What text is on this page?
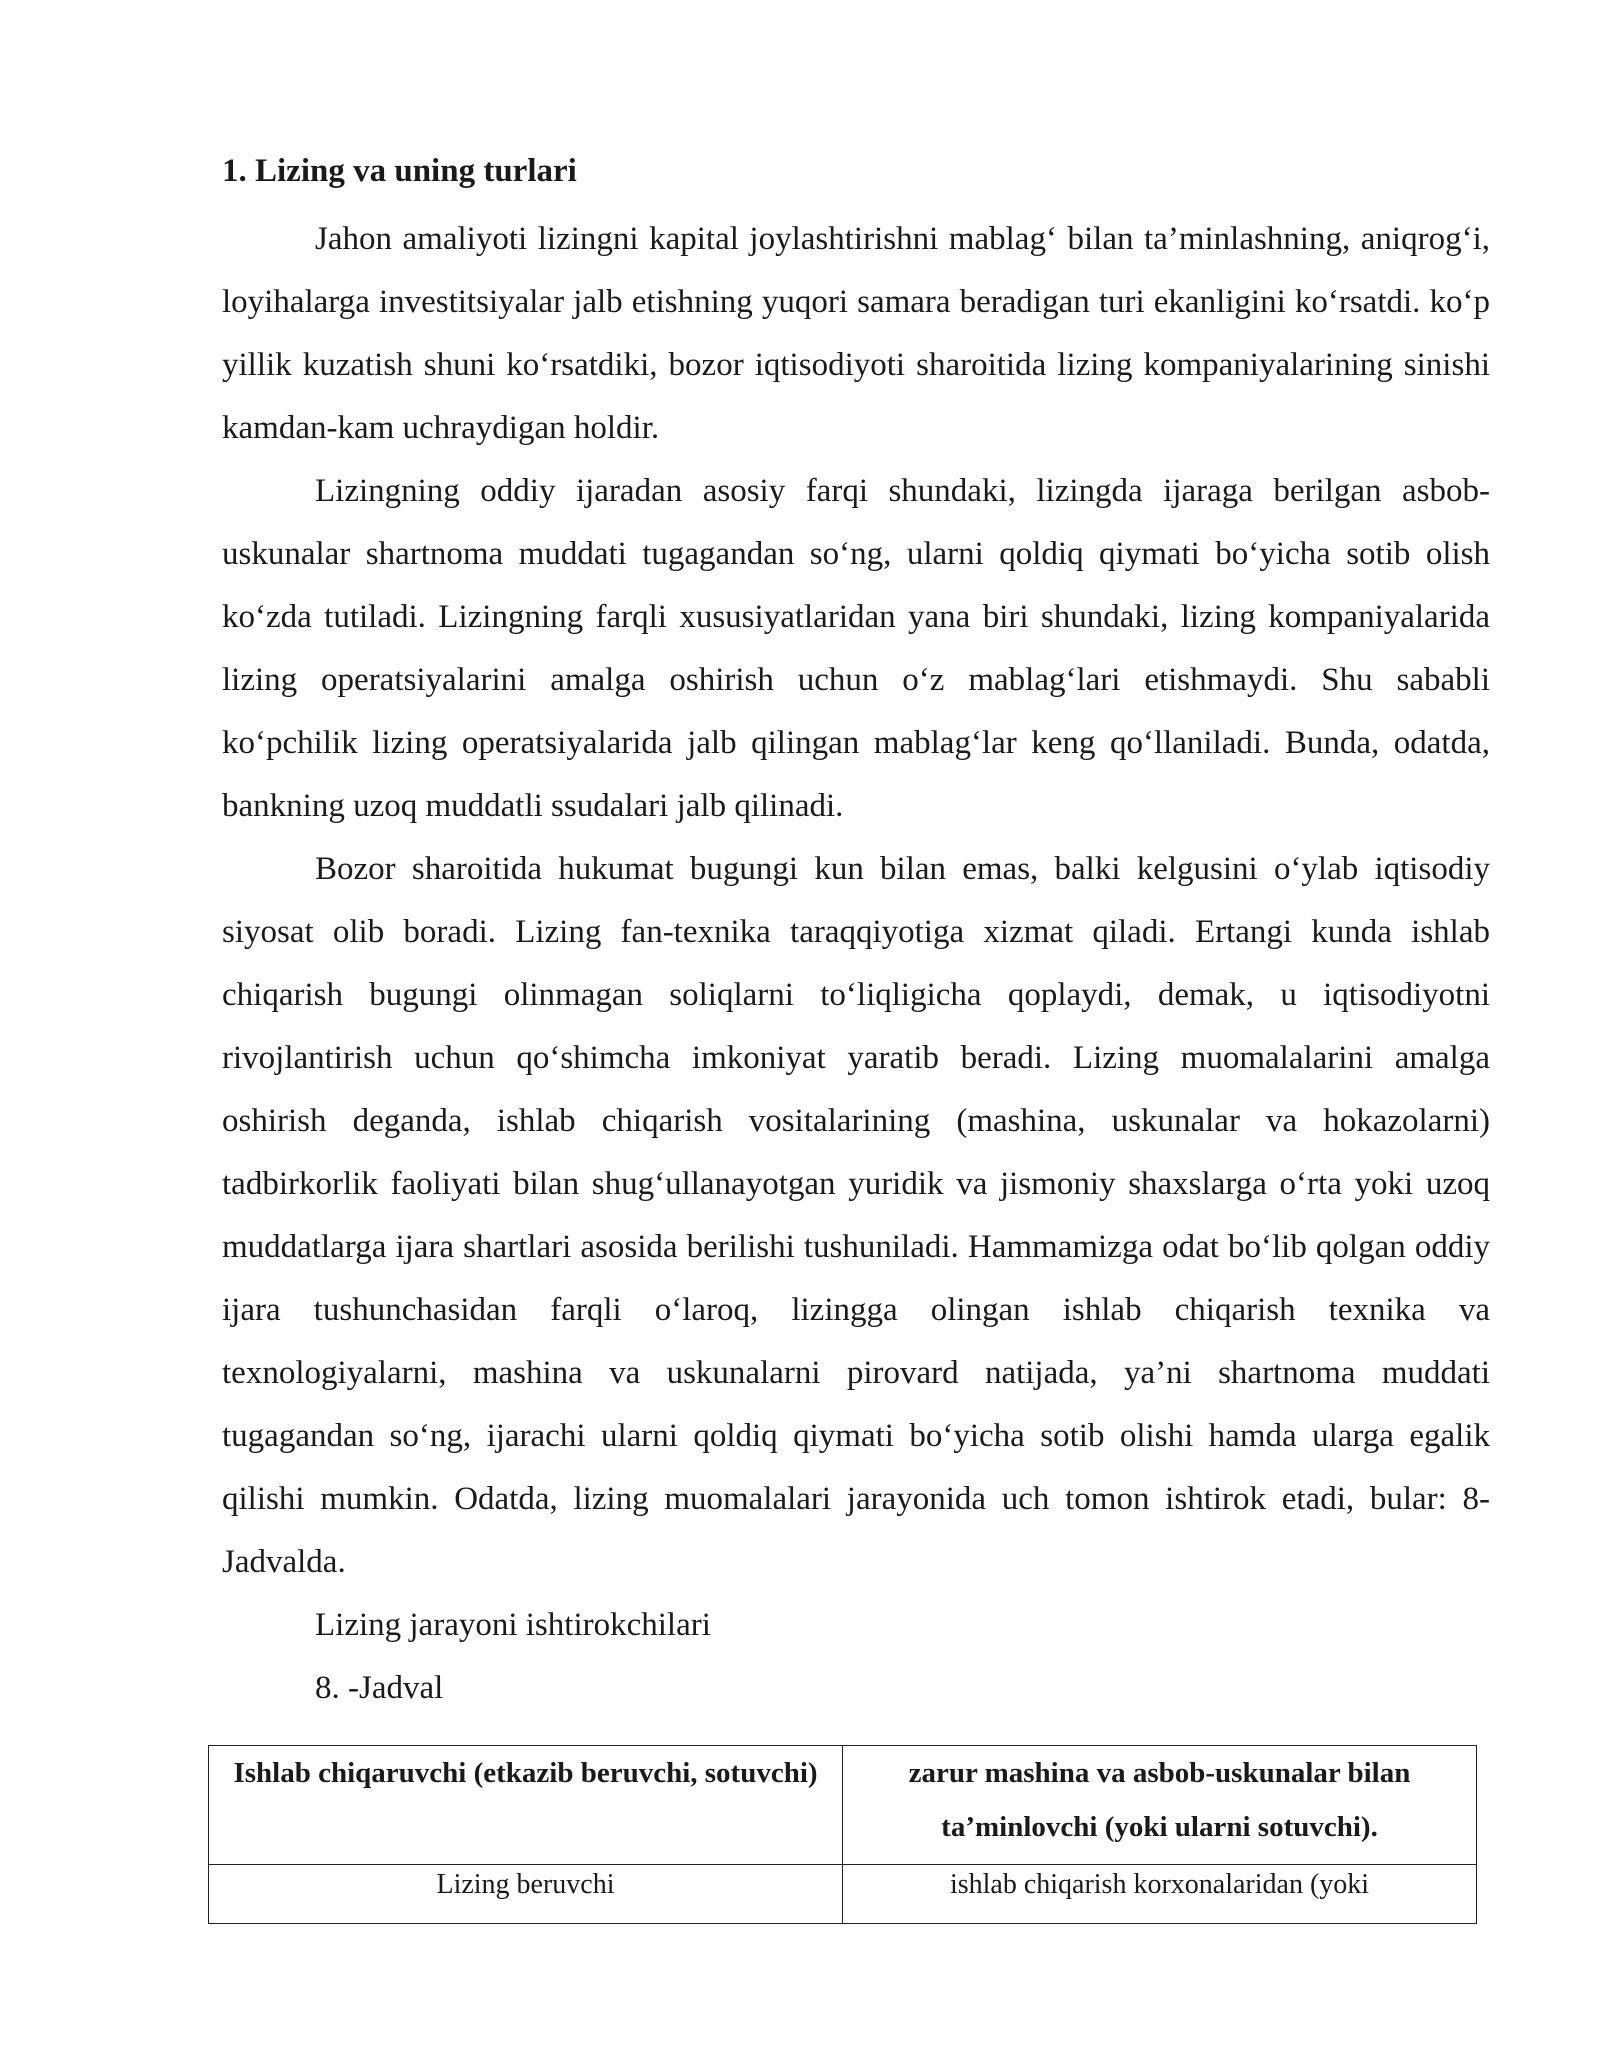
1. Lizing va uning turlari

Jahon amaliyoti lizingni kapital joylashtirishni mablag‘ bilan ta’minlashning, aniqrog‘i, loyihalarga investitsiyalar jalb etishning yuqori samara beradigan turi ekanligini ko‘rsatdi. ko‘p yillik kuzatish shuni ko‘rsatdiki, bozor iqtisodiyoti sharoitida lizing kompaniyalarining sinishi kamdan-kam uchraydigan holdir.

Lizingning oddiy ijaradan asosiy farqi shundaki, lizingda ijaraga berilgan asbob-uskunalar shartnoma muddati tugagandan so‘ng, ularni qoldiq qiymati bo‘yicha sotib olish ko‘zda tutiladi. Lizingning farqli xususiyatlaridan yana biri shundaki, lizing kompaniyalarida lizing operatsiyalarini amalga oshirish uchun o‘z mablag‘lari etishmaydi. Shu sababli ko‘pchilik lizing operatsiyalarida jalb qilingan mablag‘lar keng qo‘llaniladi. Bunda, odatda, bankning uzoq muddatli ssudalari jalb qilinadi.

Bozor sharoitida hukumat bugungi kun bilan emas, balki kelgusini o‘ylab iqtisodiy siyosat olib boradi. Lizing fan-texnika taraqqiyotiga xizmat qiladi. Ertangi kunda ishlab chiqarish bugungi olinmagan soliqlarni to‘liqligicha qoplaydi, demak, u iqtisodiyotni rivojlantirish uchun qo‘shimcha imkoniyat yaratib beradi. Lizing muomalalarini amalga oshirish deganda, ishlab chiqarish vositalarining (mashina, uskunalar va hokazolarni) tadbirkorlik faoliyati bilan shug‘ullanayotgan yuridik va jismoniy shaxslarga o‘rta yoki uzoq muddatlarga ijara shartlari asosida berilishi tushuniladi. Hammamizga odat bo‘lib qolgan oddiy ijara tushunchasidan farqli o‘laroq, lizingga olingan ishlab chiqarish texnika va texnologiyalarni, mashina va uskunalarni pirovard natijada, ya’ni shartnoma muddati tugagandan so‘ng, ijarachi ularni qoldiq qiymati bo‘yicha sotib olishi hamda ularga egalik qilishi mumkin. Odatda, lizing muomalalari jarayonida uch tomon ishtirok etadi, bular: 8-Jadvalda.

Lizing jarayoni ishtirokchilari

8. -Jadval

Ishlab chiqaruvchi (etkazib beruvchi, sotuvchi)	zarur mashina va asbob-uskunalar bilan ta’minlovchi (yoki ularni sotuvchi).
Lizing beruvchi	ishlab chiqarish korxonalaridan (yoki
